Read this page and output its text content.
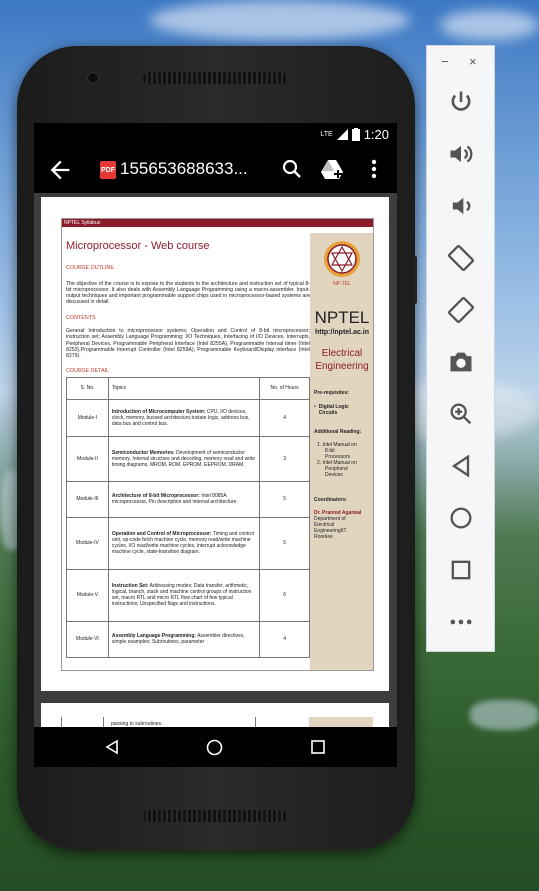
LTE 1:20
PDF 155653688633...
NPTEL Syllabus
Microprocessor - Web course
COURSE OUTLINE

The objective of the course is to expose to the students to the architecture and instruction set of typical 8-bit microprocessor. It also deals with Assembly Language Programming using a macro-assembler. Input-output techniques and important programmable support chips used in microprocessor-based systems are discussed in detail.

CONTENTS

General Introduction to microprocessor systems; Operation and Control of 8-bit microprocessor; instruction set; Assembly Language Programming; I/O Techniques, Interfacing of I/O Devices, Interrupts, Peripheral Devices, Programmable Peripheral Interface (Intel 8255A), Programmable Interval timer (Intel 8253),Programmable Interrupt Controller (Intel 8259A), Programmable Keyboard/Display interface (Intel 8279).

COURSE DETAIL
S. No.	Topics	No. of Hours
Module-I	Introduction of Microcomputer System: CPU, I/O devices, clock, memory, bussed architecture,tristate logic, address bus, data bus and control bus.	4
Module-II	Semiconductor Memories: Development of semiconductor memory, Internal structure and decoding, memory read and write timing diagrams, MROM, ROM, EPROM, EEPROM, DRAM.	3
Module-III	Architecture of 8-bit Microprocessor: Intel 8085A microprocessor, Pin description and internal architecture.	5
Module-IV	Operation and Control of Microprocessor: Timing and control unit, op-code fetch machine cycle, memory read/write machine cycles, I/O read/write machine cycles, interrupt acknowledge machine cycle, state-transition diagram.	5
Module-V	Instruction Set: Addressing modes; Data transfer, arithmetic, logical, branch, stack and machine control groups of instruction set, macro RTL and micro RTL flow chart of few typical instructions; Unspecified flags and instructions.	6
Module-VI	Assembly Language Programming: Assembler directives, simple examples; Subroutines, parameter	4
NP-TEL
NPTEL
http://nptel.ac.in
Electrical
Engineering
Pre-requisites:
• Digital Logic
Circuits
Additional Reading:
1. Intel Manual on
8-bit
Processors
2. Intel Manual on
Peripheral
Devices
Coordinators:
Dr. Pramod Agarwal
Department of
Electrical
EngineeringIIT
Roorkee
passing to subroutines.
− ×
